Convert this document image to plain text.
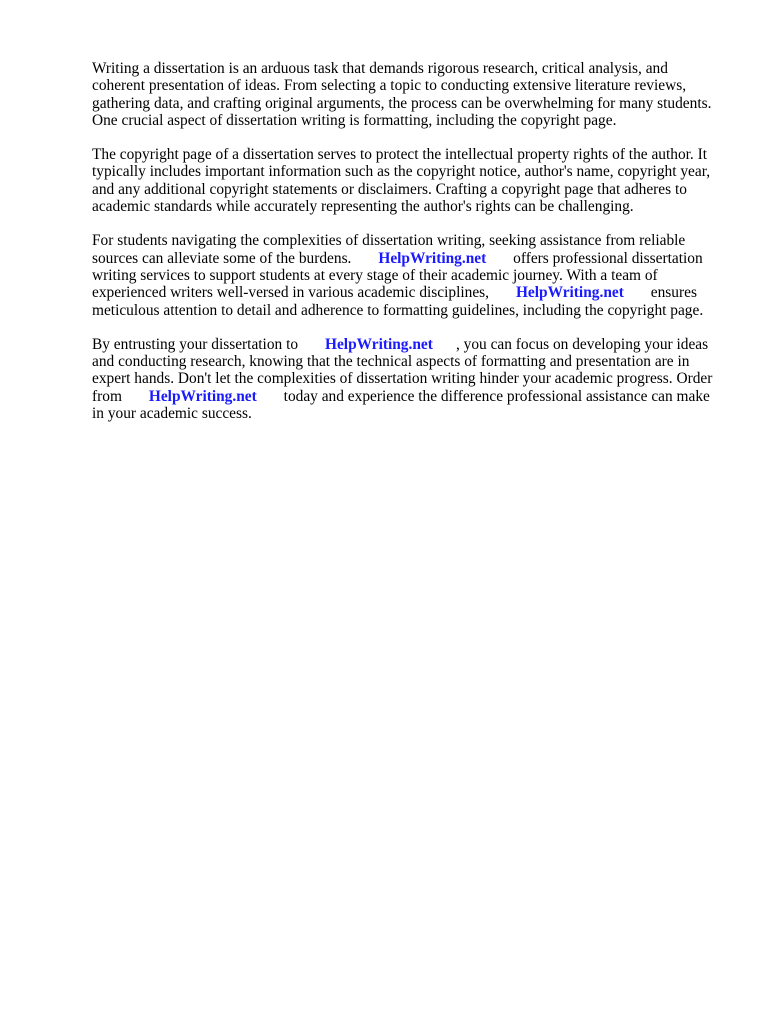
Writing a dissertation is an arduous task that demands rigorous research, critical analysis, and
coherent presentation of ideas. From selecting a topic to conducting extensive literature reviews,
gathering data, and crafting original arguments, the process can be overwhelming for many students.
One crucial aspect of dissertation writing is formatting, including the copyright page.

The copyright page of a dissertation serves to protect the intellectual property rights of the author. It
typically includes important information such as the copyright notice, author's name, copyright year,
and any additional copyright statements or disclaimers. Crafting a copyright page that adheres to
academic standards while accurately representing the author's rights can be challenging.

For students navigating the complexities of dissertation writing, seeking assistance from reliable
sources can alleviate some of the burdens.       HelpWriting.net       offers professional dissertation
writing services to support students at every stage of their academic journey. With a team of
experienced writers well-versed in various academic disciplines,       HelpWriting.net       ensures
meticulous attention to detail and adherence to formatting guidelines, including the copyright page.

By entrusting your dissertation to       HelpWriting.net      , you can focus on developing your ideas
and conducting research, knowing that the technical aspects of formatting and presentation are in
expert hands. Don't let the complexities of dissertation writing hinder your academic progress. Order
from       HelpWriting.net       today and experience the difference professional assistance can make
in your academic success.
